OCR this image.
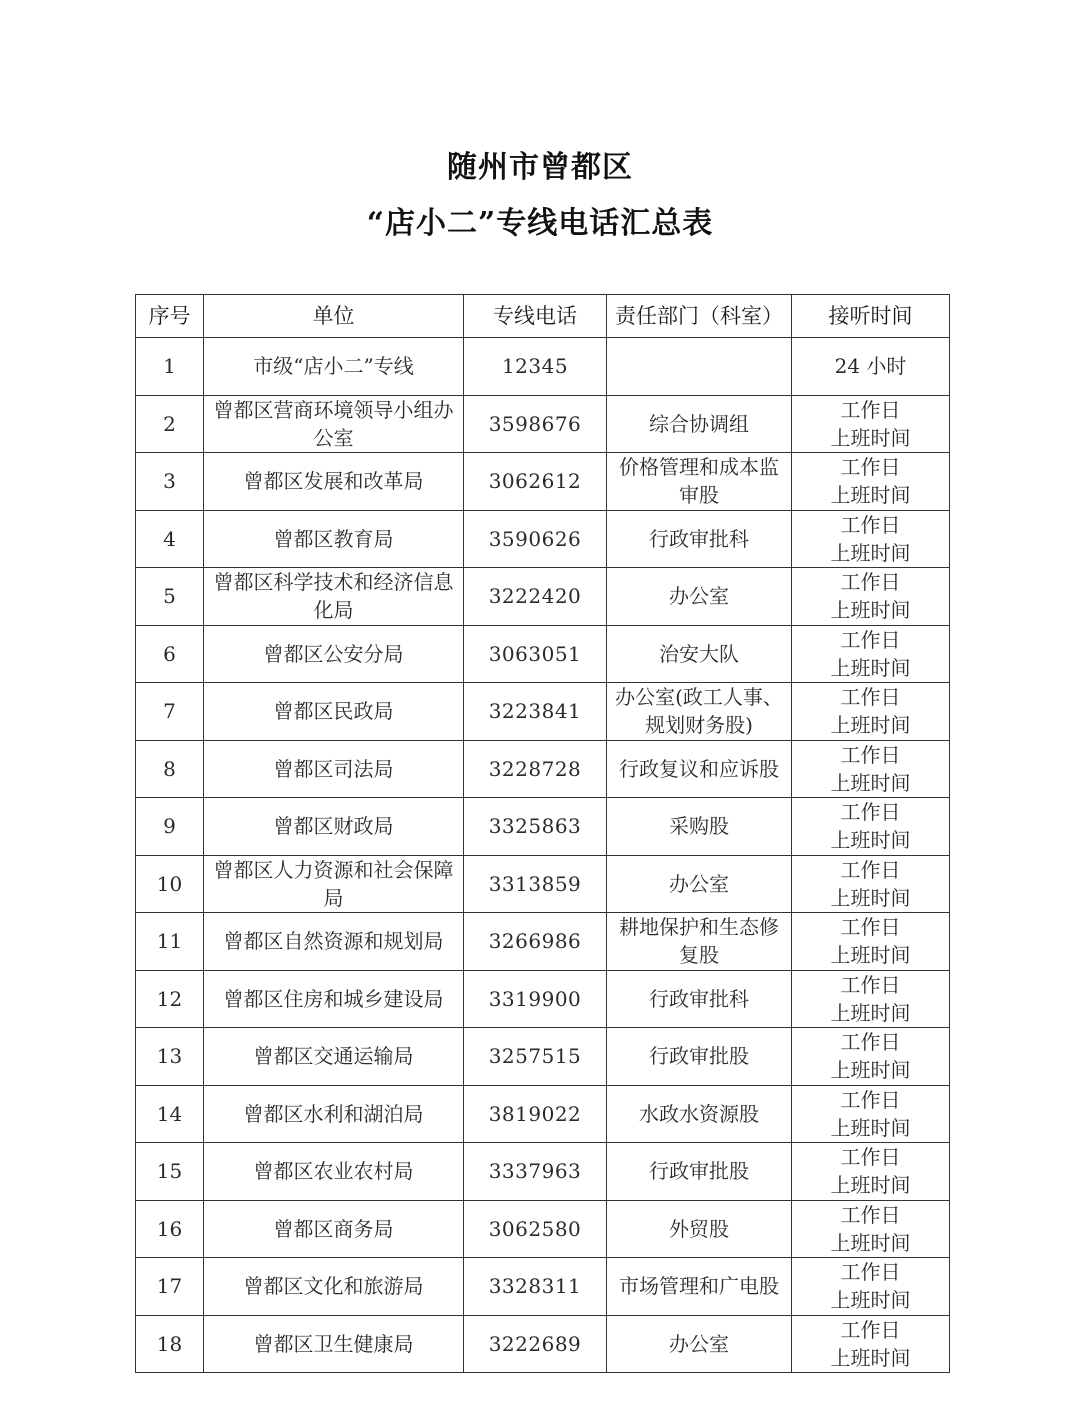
随州市曾都区
“店小二”专线电话汇总表
序号	单位	专线电话	责任部门（科室）	接听时间
1	市级“店小二”专线	12345		24 小时

2	曾都区营商环境领导小组办公室	3598676	综合协调组	工作日
上班时间

3	曾都区发展和改革局	3062612	价格管理和成本监审股	工作日
上班时间

4	曾都区教育局	3590626	行政审批科	工作日
上班时间

5	曾都区科学技术和经济信息化局	3222420	办公室	工作日
上班时间

6	曾都区公安分局	3063051	治安大队	工作日
上班时间

7	曾都区民政局	3223841	办公室(政工人事、规划财务股)	工作日
上班时间

8	曾都区司法局	3228728	行政复议和应诉股	工作日
上班时间

9	曾都区财政局	3325863	采购股	工作日
上班时间

10	曾都区人力资源和社会保障局	3313859	办公室	工作日
上班时间

11	曾都区自然资源和规划局	3266986	耕地保护和生态修复股	工作日
上班时间

12	曾都区住房和城乡建设局	3319900	行政审批科	工作日
上班时间

13	曾都区交通运输局	3257515	行政审批股	工作日
上班时间

14	曾都区水利和湖泊局	3819022	水政水资源股	工作日
上班时间

15	曾都区农业农村局	3337963	行政审批股	工作日
上班时间

16	曾都区商务局	3062580	外贸股	工作日
上班时间

17	曾都区文化和旅游局	3328311	市场管理和广电股	工作日
上班时间

18	曾都区卫生健康局	3222689	办公室	工作日
上班时间
